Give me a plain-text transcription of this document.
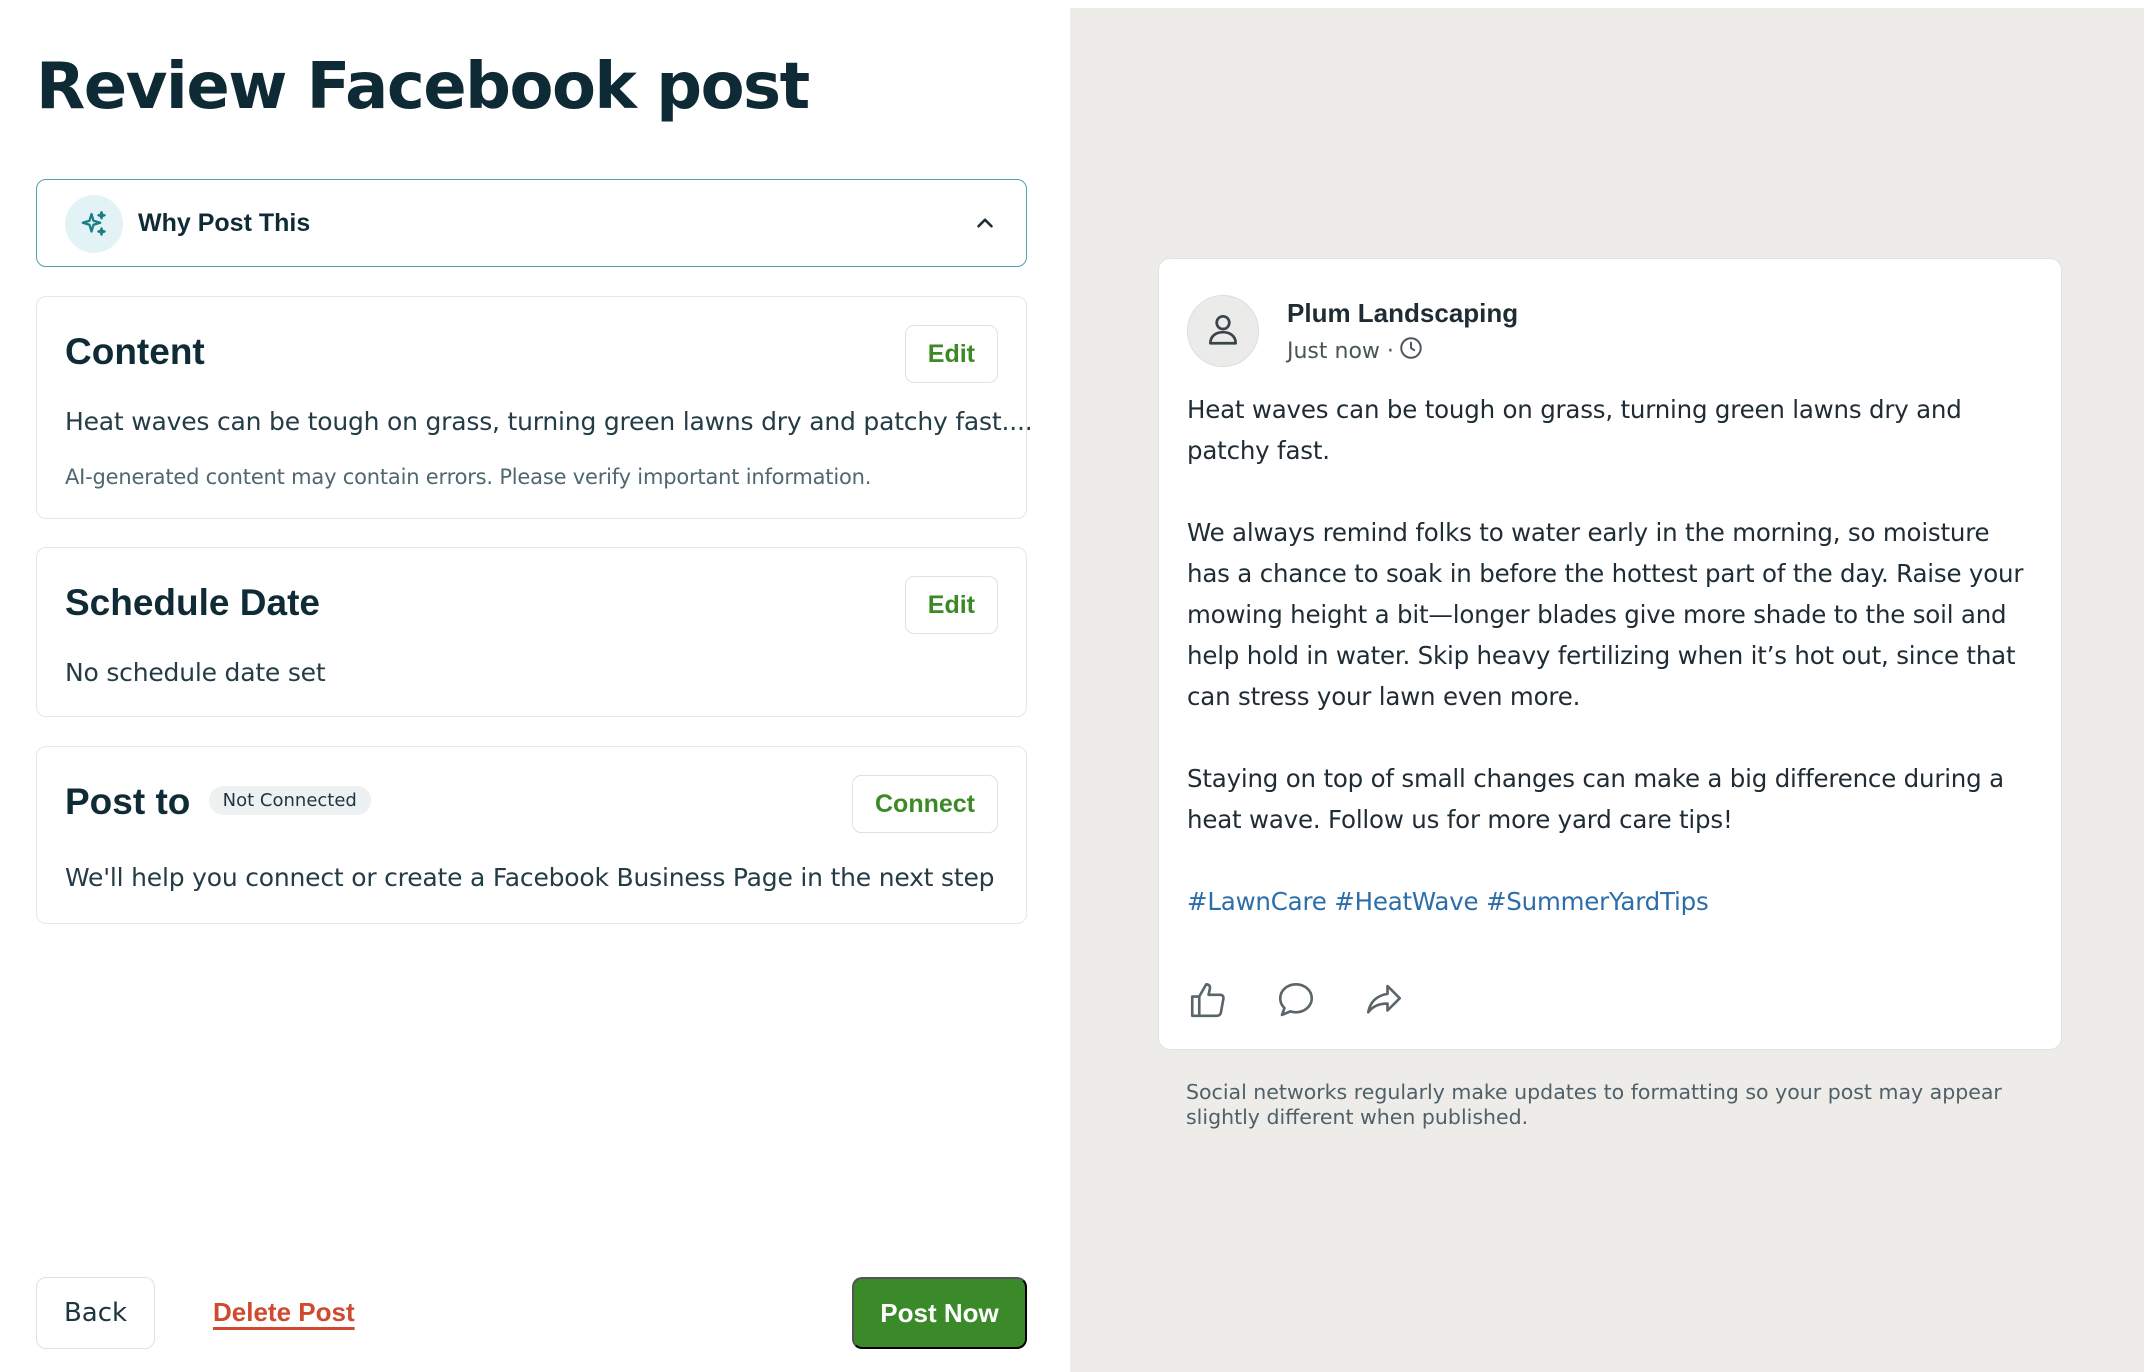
Review Facebook post
Why Post This
Content	Edit
Heat waves can be tough on grass, turning green lawns dry and patchy fast....
AI-generated content may contain errors. Please verify important information.
Schedule Date	Edit
No schedule date set
Post to Not Connected	Connect
We'll help you connect or create a Facebook Business Page in the next step
Back	Delete Post	Post Now
Plum Landscaping
Just now ·

Heat waves can be tough on grass, turning green lawns dry and patchy fast.

We always remind folks to water early in the morning, so moisture has a chance to soak in before the hottest part of the day. Raise your mowing height a bit—longer blades give more shade to the soil and help hold in water. Skip heavy fertilizing when it’s hot out, since that can stress your lawn even more.

Staying on top of small changes can make a big difference during a heat wave. Follow us for more yard care tips!

#LawnCare #HeatWave #SummerYardTips

Social networks regularly make updates to formatting so your post may appear slightly different when published.
